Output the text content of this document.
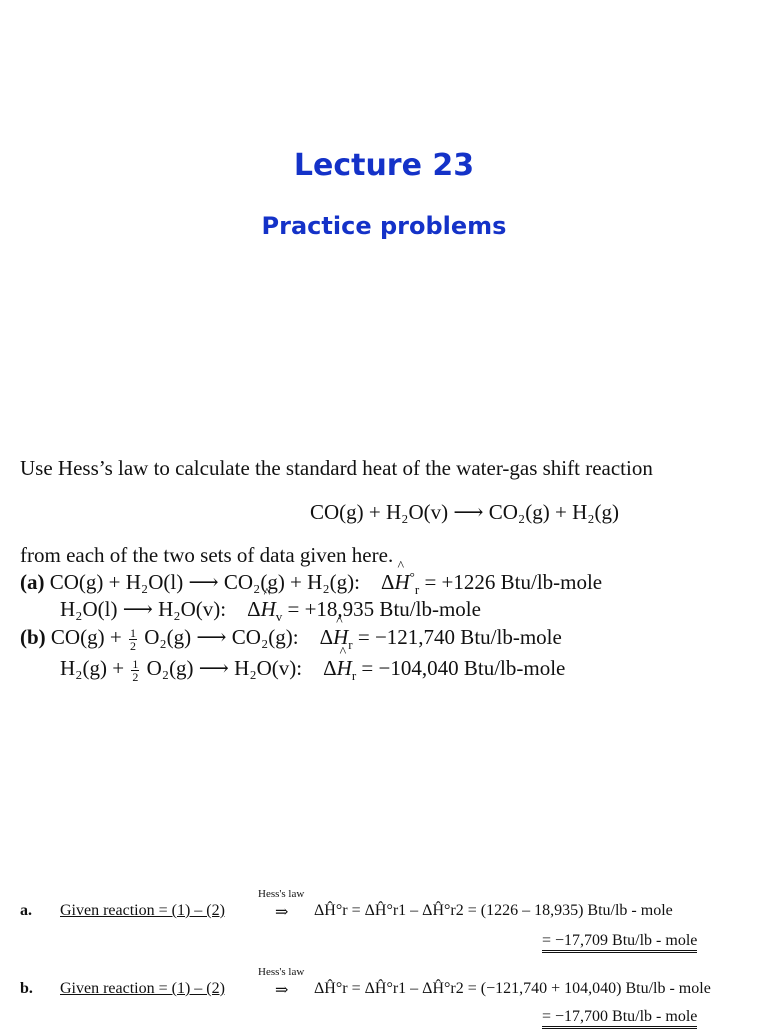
Lecture 23
Practice problems
Use Hess’s law to calculate the standard heat of the water-gas shift reaction
CO(g) + H₂O(v) ⟶ CO₂(g) + H₂(g)
from each of the two sets of data given here.
(a) CO(g) + H₂O(l) ⟶ CO₂(g) + H₂(g): Δ^ $H_{^\circ r} = +1226$ Btu/lb-mole
H₂O(l) ⟶ H₂O(v): Δ^ $H_v = +18,935$ Btu/lb-mole
(b) $CO(g) + \frac{1}{2} O_2(g)$ ⟶ CO₂(g): Δ^ $H_r = -121,740$ Btu/lb-mole
$H_2(g) + \frac{1}{2} O_2(g)$ ⟶ H₂O(v): Δ^ $H_r = -104,040$ Btu/lb-mole
a. Given reaction = (1) – (2)
Hess's law
⇒ ΔĤ°r = ΔĤ°r1 – ΔĤ°r2 = (1226 – 18,935) Btu/lb - mole
= −17,709 Btu/lb - mole
b. Given reaction = (1) – (2)
Hess's law
⇒ ΔĤ°r = ΔĤ°r1 – ΔĤ°r2 = (−121,740 + 104,040) Btu/lb - mole
= −17,700 Btu/lb - mole
